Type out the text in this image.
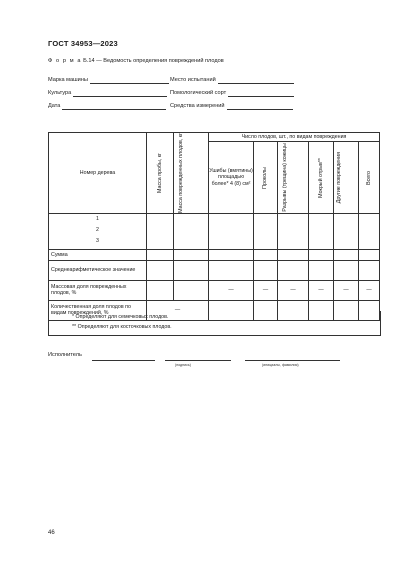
ГОСТ 34953—2023
Ф о р м а Б.14 — Ведомость определения повреждений плодов
Марка машины	Место испытаний
Культура	Помологический сорт
Дата	Средства измерений
Номер дерева	Масса пробы, кг	Масса поврежденных плодов, кг	Число плодов, шт., по видам повреждения					
			Ушибы (вмятины) площадью более* 4 (8) см²	Проколы	Разрывы (трещина) кожицы	Мокрый отрыв**	Другие повреждения	Всего

1
2
3								

Сумма								
Среднеарифметическое значение								
Массовая доля поврежденных плодов, %			—	—	—	—	—	—
Количественная доля плодов по видам повреждений, %	—							
* Определяют для семечковых плодов.
** Определяют для косточковых плодов.
Исполнитель
(подпись)	(инициалы, фамилия)
46
